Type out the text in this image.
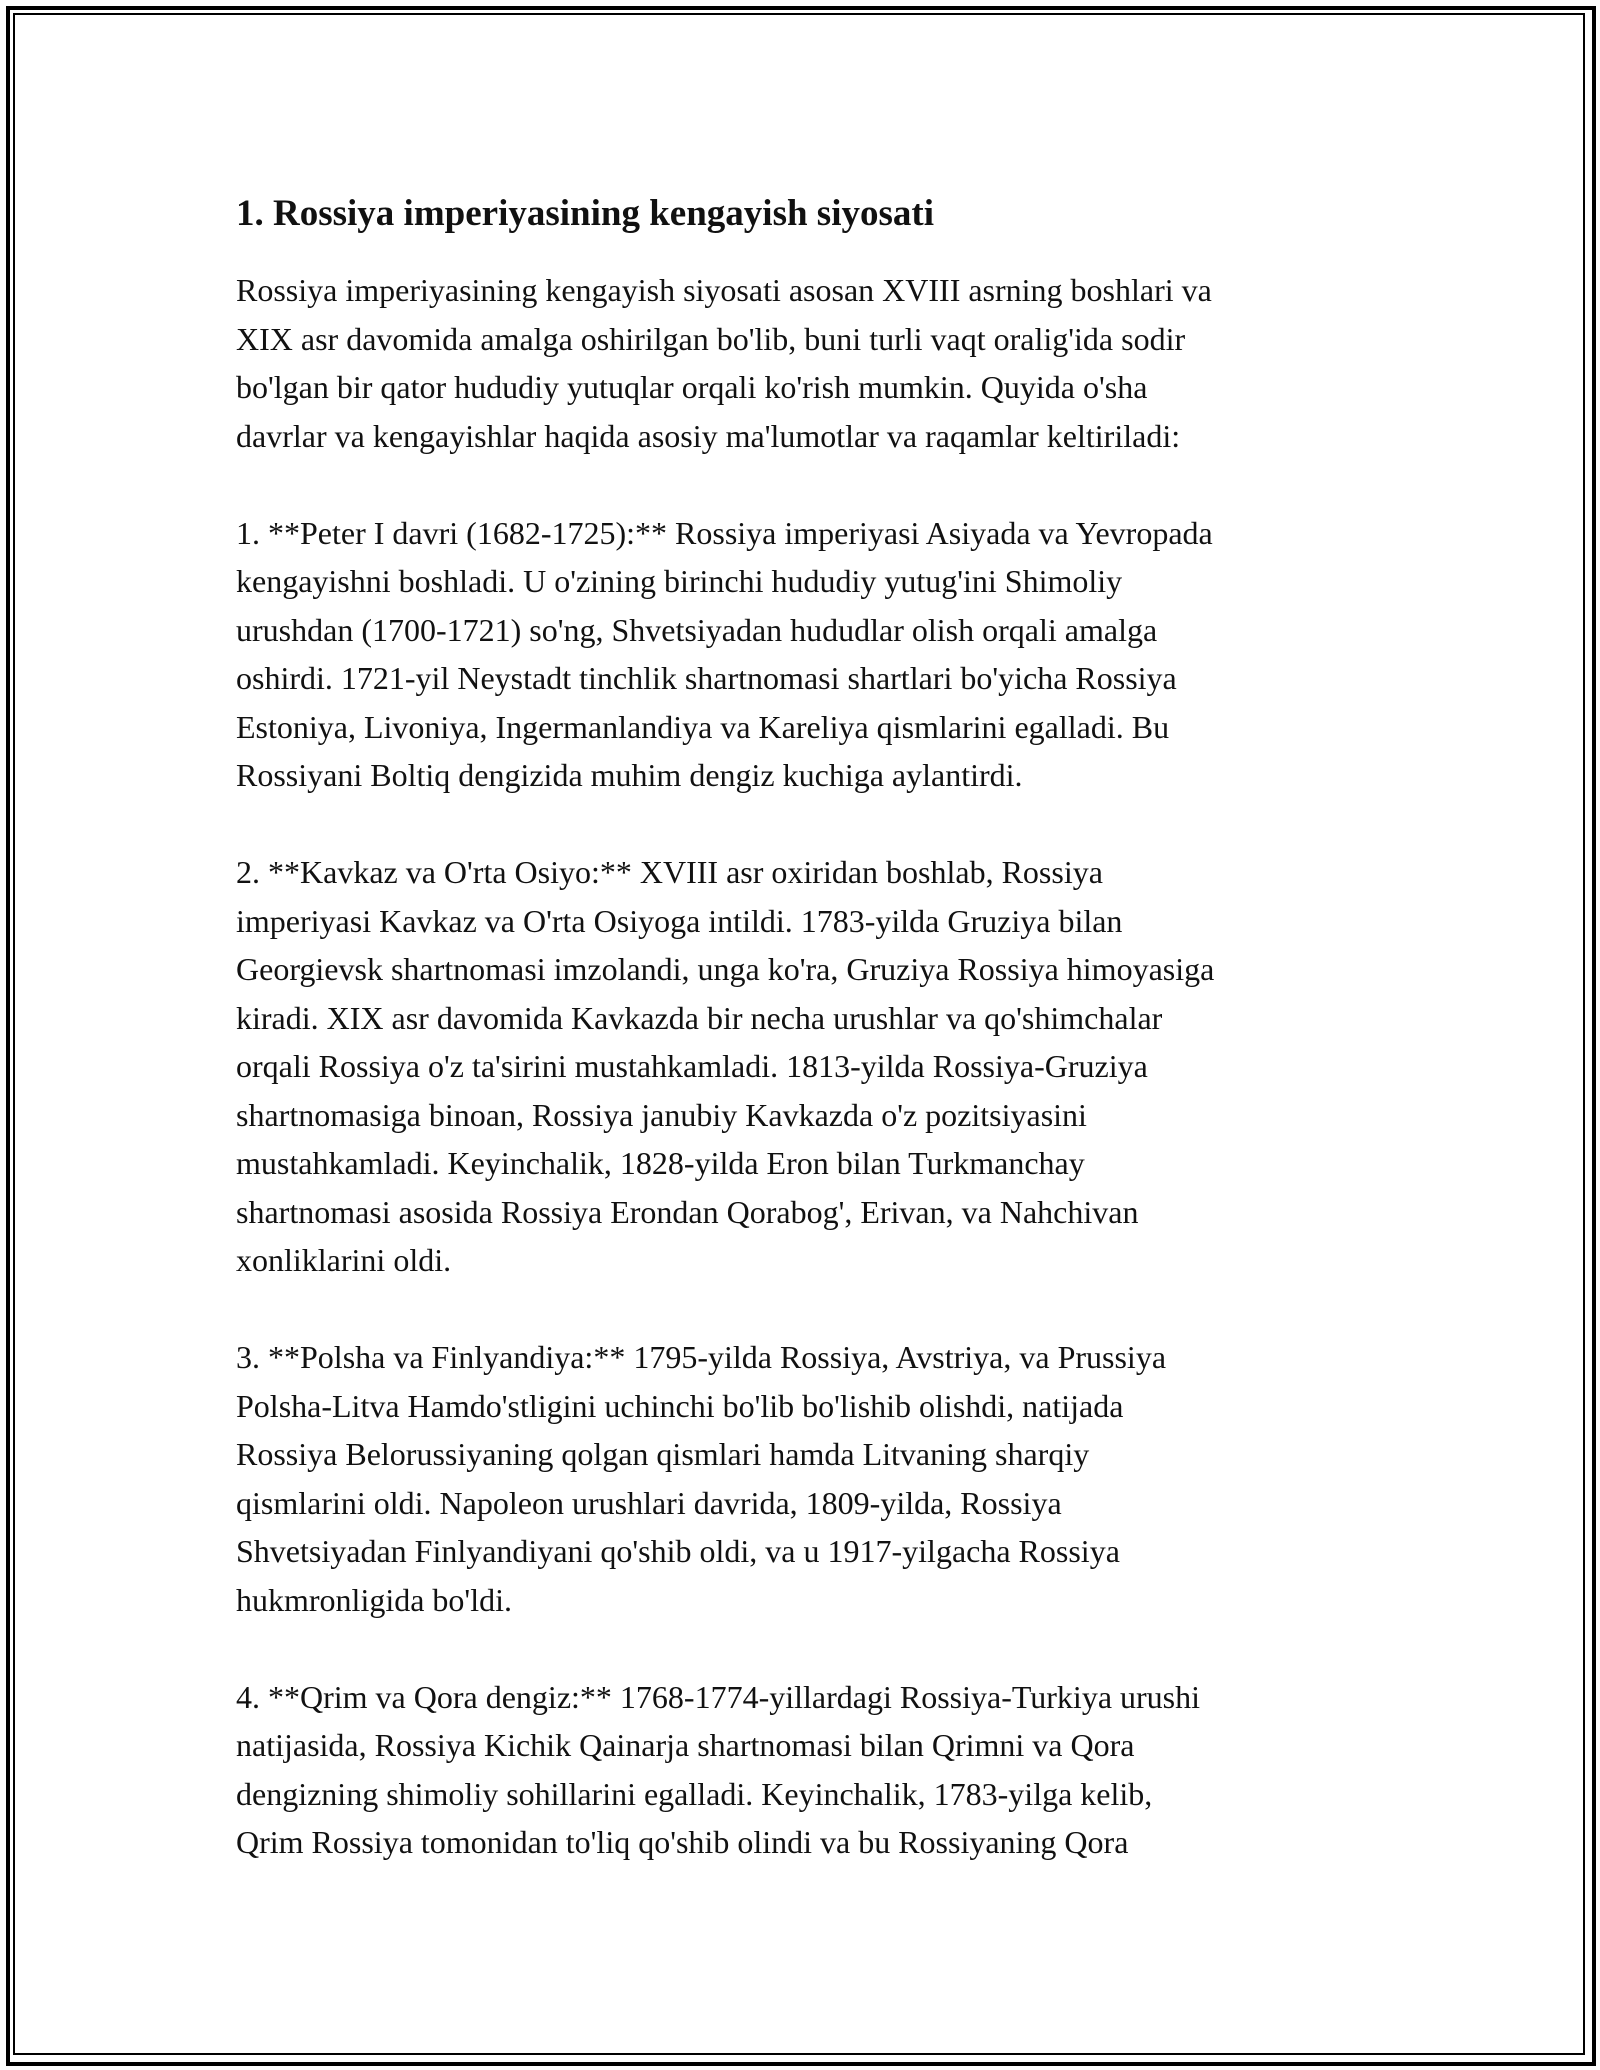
1. Rossiya imperiyasining kengayish siyosati

Rossiya imperiyasining kengayish siyosati asosan XVIII asrning boshlari va
XIX asr davomida amalga oshirilgan bo'lib, buni turli vaqt oralig'ida sodir
bo'lgan bir qator hududiy yutuqlar orqali ko'rish mumkin. Quyida o'sha
davrlar va kengayishlar haqida asosiy ma'lumotlar va raqamlar keltiriladi:

1. **Peter I davri (1682-1725):** Rossiya imperiyasi Asiyada va Yevropada
kengayishni boshladi. U o'zining birinchi hududiy yutug'ini Shimoliy
urushdan (1700-1721) so'ng, Shvetsiyadan hududlar olish orqali amalga
oshirdi. 1721-yil Neystadt tinchlik shartnomasi shartlari bo'yicha Rossiya
Estoniya, Livoniya, Ingermanlandiya va Kareliya qismlarini egalladi. Bu
Rossiyani Boltiq dengizida muhim dengiz kuchiga aylantirdi.

2. **Kavkaz va O'rta Osiyo:** XVIII asr oxiridan boshlab, Rossiya
imperiyasi Kavkaz va O'rta Osiyoga intildi. 1783-yilda Gruziya bilan
Georgievsk shartnomasi imzolandi, unga ko'ra, Gruziya Rossiya himoyasiga
kiradi. XIX asr davomida Kavkazda bir necha urushlar va qo'shimchalar
orqali Rossiya o'z ta'sirini mustahkamladi. 1813-yilda Rossiya-Gruziya
shartnomasiga binoan, Rossiya janubiy Kavkazda o'z pozitsiyasini
mustahkamladi. Keyinchalik, 1828-yilda Eron bilan Turkmanchay
shartnomasi asosida Rossiya Erondan Qorabog', Erivan, va Nahchivan
xonliklarini oldi.

3. **Polsha va Finlyandiya:** 1795-yilda Rossiya, Avstriya, va Prussiya
Polsha-Litva Hamdo'stligini uchinchi bo'lib bo'lishib olishdi, natijada
Rossiya Belorussiyaning qolgan qismlari hamda Litvaning sharqiy
qismlarini oldi. Napoleon urushlari davrida, 1809-yilda, Rossiya
Shvetsiyadan Finlyandiyani qo'shib oldi, va u 1917-yilgacha Rossiya
hukmronligida bo'ldi.

4. **Qrim va Qora dengiz:** 1768-1774-yillardagi Rossiya-Turkiya urushi
natijasida, Rossiya Kichik Qainarja shartnomasi bilan Qrimni va Qora
dengizning shimoliy sohillarini egalladi. Keyinchalik, 1783-yilga kelib,
Qrim Rossiya tomonidan to'liq qo'shib olindi va bu Rossiyaning Qora
